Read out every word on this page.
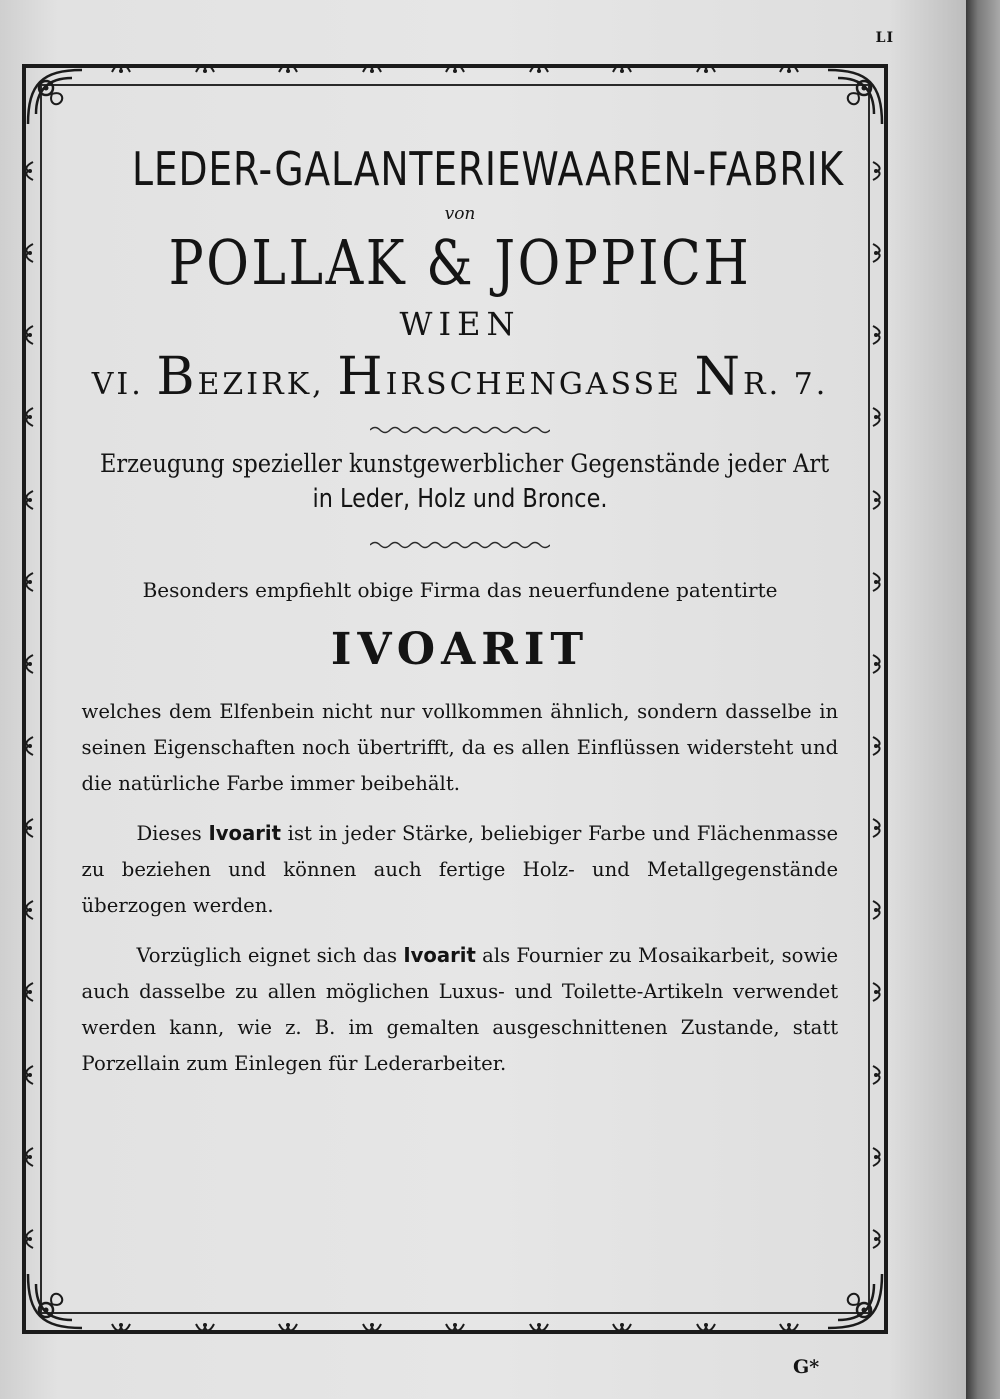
LI
LEDER-GALANTERIEWAAREN-FABRIK
von
POLLAK & JOPPICH
WIEN
VI. BEZIRK, HIRSCHENGASSE NR. 7.
Erzeugung spezieller kunstgewerblicher Gegenstände jeder Art
in Leder, Holz und Bronce.
Besonders empfiehlt obige Firma das neuerfundene patentirte
IVOARIT

welches dem Elfenbein nicht nur vollkommen ähnlich, sondern dasselbe in seinen Eigenschaften noch übertrifft, da es allen Einflüssen widersteht und die natürliche Farbe immer beibehält.

Dieses Ivoarit ist in jeder Stärke, beliebiger Farbe und Flächenmasse zu beziehen und können auch fertige Holz- und Metallgegenstände überzogen werden.

Vorzüglich eignet sich das Ivoarit als Fournier zu Mosaikarbeit, sowie auch dasselbe zu allen möglichen Luxus- und Toilette-Artikeln verwendet werden kann, wie z. B. im gemalten ausgeschnittenen Zustande, statt Porzellain zum Einlegen für Lederarbeiter.

G*
